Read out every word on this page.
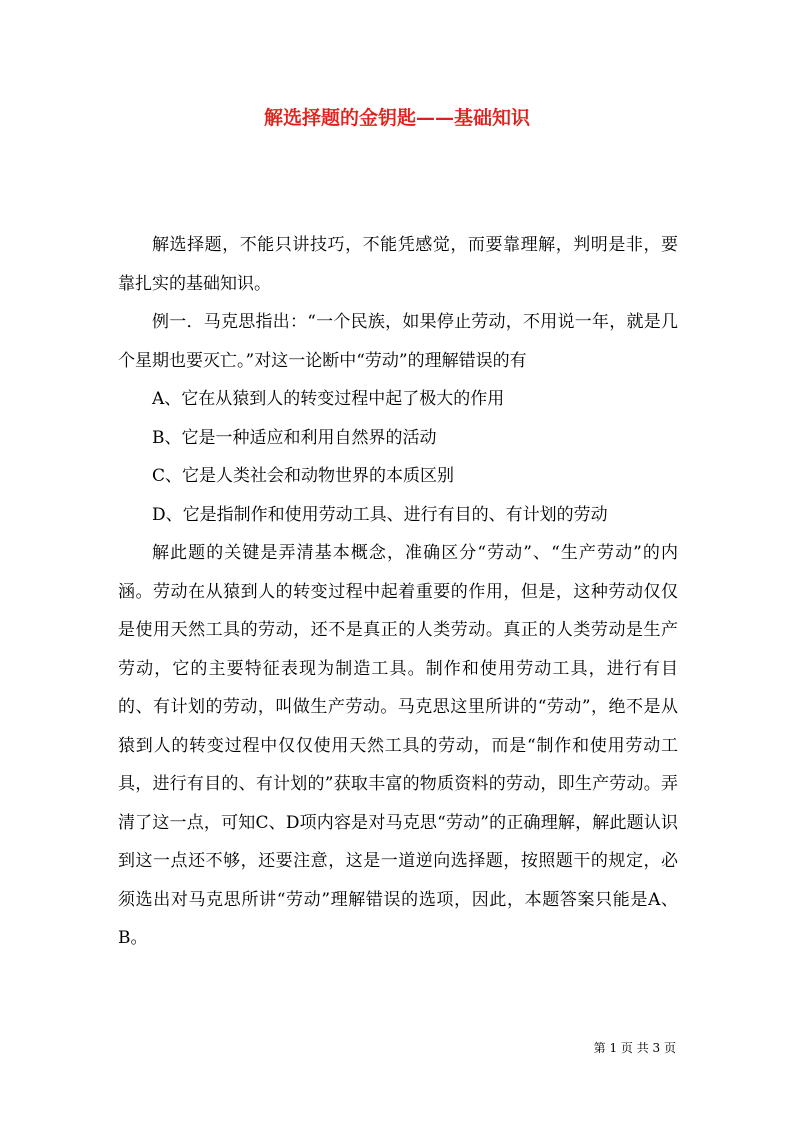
解选择题的金钥匙——基础知识

解选择题，不能只讲技巧，不能凭感觉，而要靠理解，判明是非，要靠扎实的基础知识。

例一．马克思指出：“一个民族，如果停止劳动，不用说一年，就是几个星期也要灭亡。”对这一论断中“劳动”的理解错误的有

A、它在从猿到人的转变过程中起了极大的作用

B、它是一种适应和利用自然界的活动

C、它是人类社会和动物世界的本质区别

D、它是指制作和使用劳动工具、进行有目的、有计划的劳动

解此题的关键是弄清基本概念，准确区分“劳动”、“生产劳动”的内涵。劳动在从猿到人的转变过程中起着重要的作用，但是，这种劳动仅仅是使用天然工具的劳动，还不是真正的人类劳动。真正的人类劳动是生产劳动，它的主要特征表现为制造工具。制作和使用劳动工具，进行有目的、有计划的劳动，叫做生产劳动。马克思这里所讲的“劳动”，绝不是从猿到人的转变过程中仅仅使用天然工具的劳动，而是“制作和使用劳动工具，进行有目的、有计划的”获取丰富的物质资料的劳动，即生产劳动。弄清了这一点，可知C、D项内容是对马克思“劳动”的正确理解，解此题认识到这一点还不够，还要注意，这是一道逆向选择题，按照题干的规定，必须选出对马克思所讲“劳动”理解错误的选项，因此，本题答案只能是A、B。

第 1 页 共 3 页
